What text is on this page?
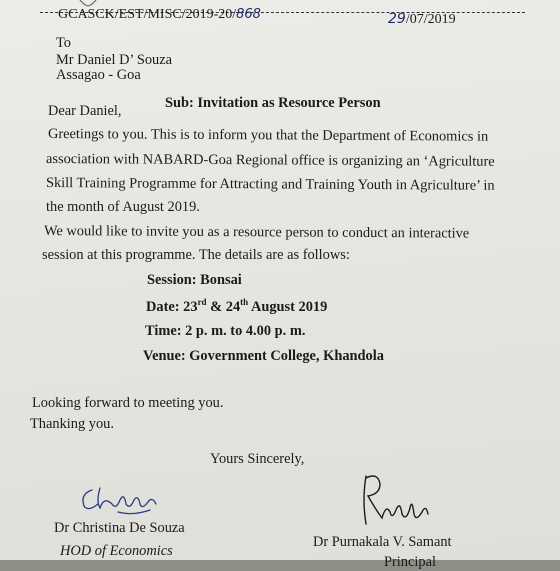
GCASCK/EST/MISC/2019-20/868	29/07/2019
To
Mr Daniel D’ Souza
Assagao - Goa
Sub: Invitation as Resource Person
Dear Daniel,
Greetings to you. This is to inform you that the Department of Economics in
association with NABARD-Goa Regional office is organizing an ‘Agriculture
Skill Training Programme for Attracting and Training Youth in Agriculture’ in
the month of August 2019.
We would like to invite you as a resource person to conduct an interactive
session at this programme. The details are as follows:
Session: Bonsai
Date: 23rd & 24th August 2019
Time: 2 p. m. to 4.00 p. m.
Venue: Government College, Khandola
Looking forward to meeting you.
Thanking you.
Yours Sincerely,
Dr Christina De Souza
HOD of Economics
Dr Purnakala V. Samant
Principal
